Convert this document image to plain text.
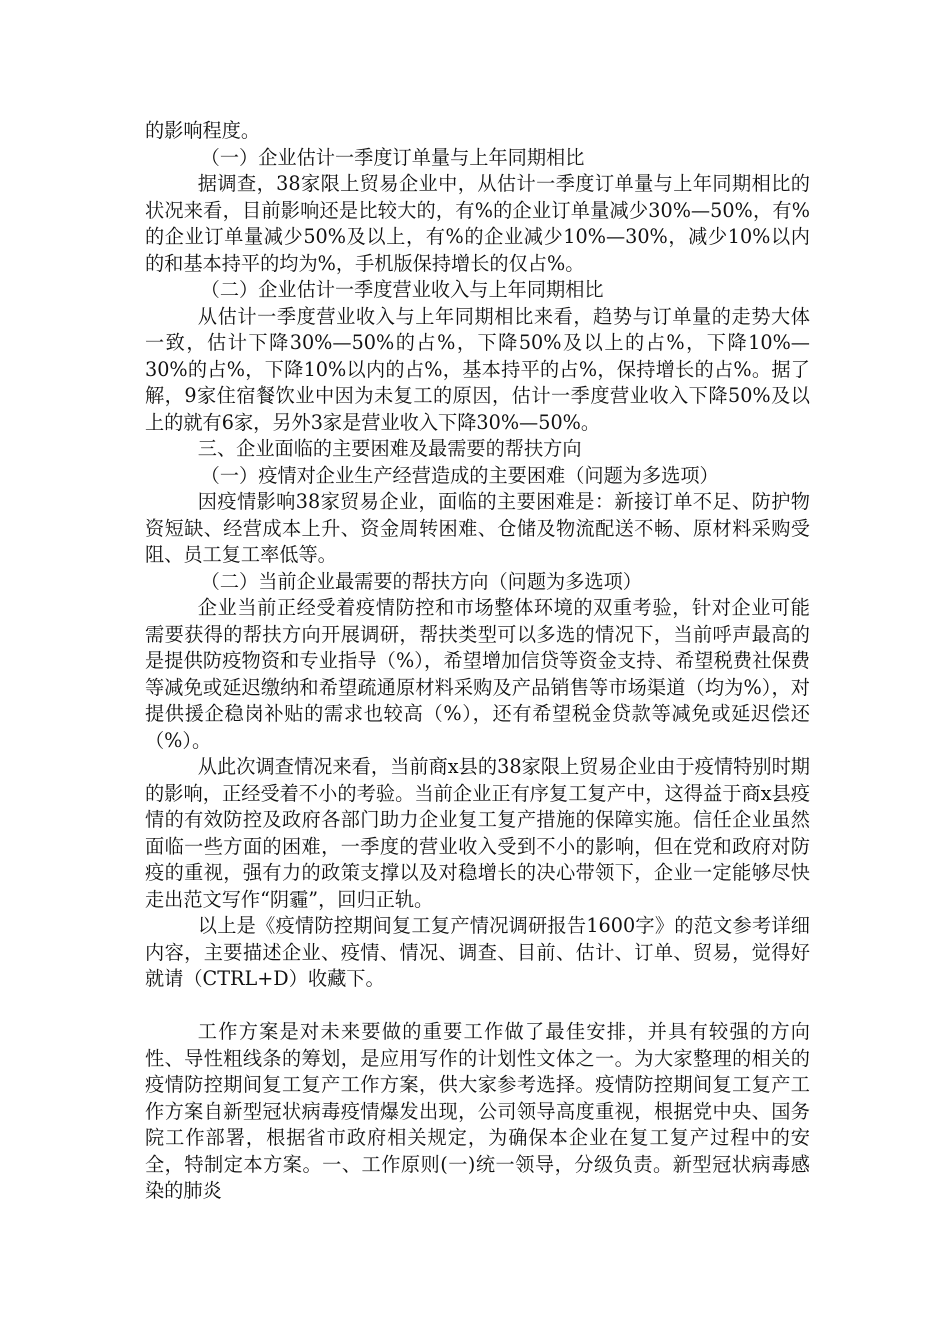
的影响程度。

（一）企业估计一季度订单量与上年同期相比

据调查，38家限上贸易企业中，从估计一季度订单量与上年同期相比的状况来看，目前影响还是比较大的，有%的企业订单量减少30%—50%，有%的企业订单量减少50%及以上，有%的企业减少10%—30%，减少10%以内的和基本持平的均为%，手机版保持增长的仅占%。

（二）企业估计一季度营业收入与上年同期相比

从估计一季度营业收入与上年同期相比来看，趋势与订单量的走势大体一致，估计下降30%—50%的占%，下降50%及以上的占%，下降10%—30%的占%，下降10%以内的占%，基本持平的占%，保持增长的占%。据了解，9家住宿餐饮业中因为未复工的原因，估计一季度营业收入下降50%及以上的就有6家，另外3家是营业收入下降30%—50%。

三、企业面临的主要困难及最需要的帮扶方向

（一）疫情对企业生产经营造成的主要困难（问题为多选项）

因疫情影响38家贸易企业，面临的主要困难是：新接订单不足、防护物资短缺、经营成本上升、资金周转困难、仓储及物流配送不畅、原材料采购受阻、员工复工率低等。

（二）当前企业最需要的帮扶方向（问题为多选项）

企业当前正经受着疫情防控和市场整体环境的双重考验，针对企业可能需要获得的帮扶方向开展调研，帮扶类型可以多选的情况下，当前呼声最高的是提供防疫物资和专业指导（%），希望增加信贷等资金支持、希望税费社保费等减免或延迟缴纳和希望疏通原材料采购及产品销售等市场渠道（均为%），对提供援企稳岗补贴的需求也较高（%），还有希望税金贷款等减免或延迟偿还（%）。

从此次调查情况来看，当前商x县的38家限上贸易企业由于疫情特别时期的影响，正经受着不小的考验。当前企业正有序复工复产中，这得益于商x县疫情的有效防控及政府各部门助力企业复工复产措施的保障实施。信任企业虽然面临一些方面的困难，一季度的营业收入受到不小的影响，但在党和政府对防疫的重视，强有力的政策支撑以及对稳增长的决心带领下，企业一定能够尽快走出范文写作“阴霾”，回归正轨。

以上是《疫情防控期间复工复产情况调研报告1600字》的范文参考详细内容，主要描述企业、疫情、情况、调查、目前、估计、订单、贸易，觉得好就请（CTRL+D）收藏下。

工作方案是对未来要做的重要工作做了最佳安排，并具有较强的方向性、导性粗线条的筹划，是应用写作的计划性文体之一。为大家整理的相关的疫情防控期间复工复产工作方案，供大家参考选择。疫情防控期间复工复产工作方案自新型冠状病毒疫情爆发出现，公司领导高度重视，根据党中央、国务院工作部署，根据省市政府相关规定，为确保本企业在复工复产过程中的安全，特制定本方案。一、工作原则(一)统一领导，分级负责。新型冠状病毒感染的肺炎
